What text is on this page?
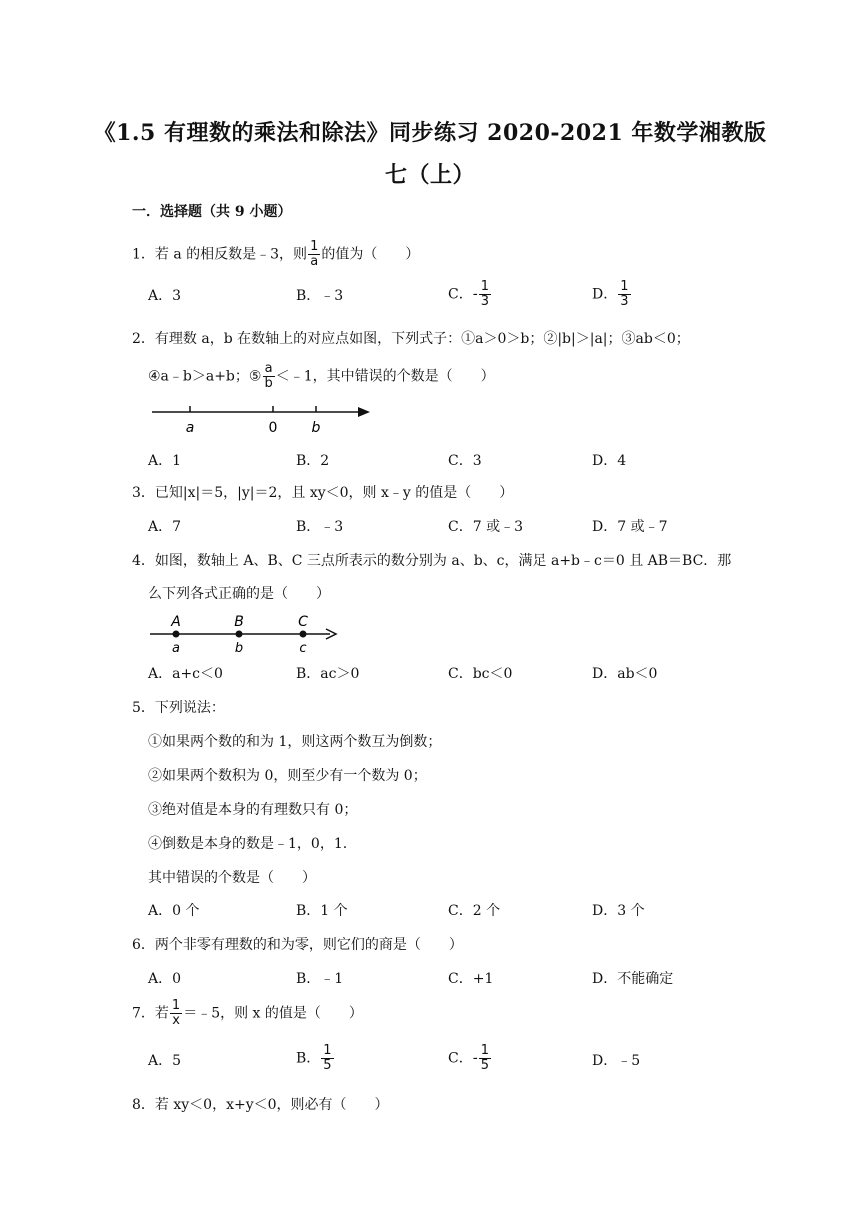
《1.5 有理数的乘法和除法》同步练习 2020-2021 年数学湘教版
七（上）
一．选择题（共 9 小题）
1．若 a 的相反数是﹣3，则 $\frac{1}{a}$ 的值为（　　）
A．3	B．﹣3	C．- $\frac{1}{3}$	D． $\frac{1}{3}$
2．有理数 a，b 在数轴上的对应点如图，下列式子：①a＞0＞b；②|b|＞|a|；③ab＜0；
④a﹣b＞a+b；⑤ $\frac{a}{b}$ ＜﹣1，其中错误的个数是（　　）
a	0 b
A．1	B．2	C．3	D．4
3．已知|x|＝5，|y|＝2，且 xy＜0，则 x﹣y 的值是（　　）
A．7	B．﹣3	C．7 或﹣3	D．7 或﹣7
4．如图，数轴上 A、B、C 三点所表示的数分别为 a、b、c，满足 a+b﹣c＝0 且 AB＝BC．那
么下列各式正确的是（　　）
A	B	C
a	b	c
A．a+c＜0	B．ac＞0	C．bc＜0	D．ab＜0
5．下列说法：
①如果两个数的和为 1，则这两个数互为倒数；
②如果两个数积为 0，则至少有一个数为 0；
③绝对值是本身的有理数只有 0；
④倒数是本身的数是﹣1，0，1.
其中错误的个数是（　　）
A．0 个	B．1 个	C．2 个	D．3 个
6．两个非零有理数的和为零，则它们的商是（　　）
A．0	B．﹣1	C．+1	D．不能确定
7．若 $\frac{1}{x}$ ＝﹣5，则 x 的值是（　　）
A．5	B． $\frac{1}{5}$	C．- $\frac{1}{5}$	D．﹣5
8．若 xy＜0，x+y＜0，则必有（　　）
